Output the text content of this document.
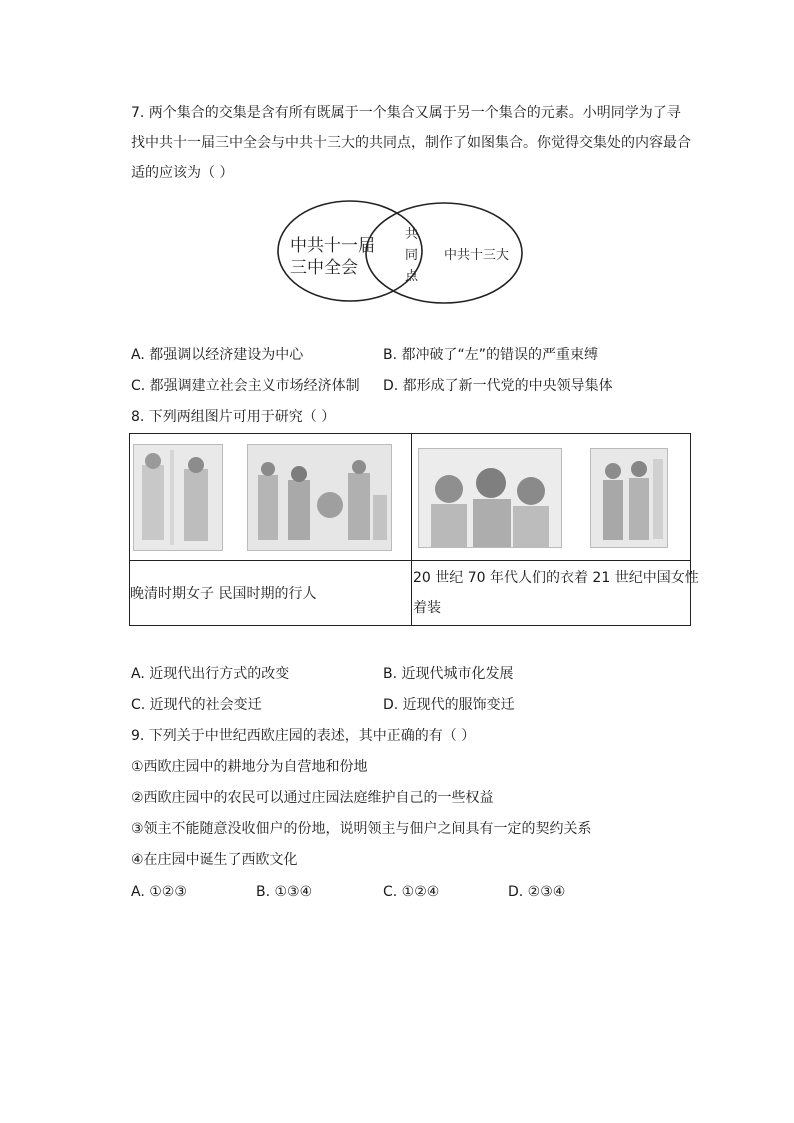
7. 两个集合的交集是含有所有既属于一个集合又属于另一个集合的元素。小明同学为了寻
找中共十一届三中全会与中共十三大的共同点，制作了如图集合。你觉得交集处的内容最合
适的应该为（ ）
中共十一届
三中全会
共
同
点
中共十三大
A. 都强调以经济建设为中心	B. 都冲破了“左”的错误的严重束缚
C. 都强调建立社会主义市场经济体制 D. 都形成了新一代党的中央领导集体
8. 下列两组图片可用于研究（ ）
晚清时期女子 民国时期的行人
20 世纪 70 年代人们的衣着 21 世纪中国女性
着装
A. 近现代出行方式的改变	B. 近现代城市化发展
C. 近现代的社会变迁	D. 近现代的服饰变迁
9. 下列关于中世纪西欧庄园的表述，其中正确的有（ ）
①西欧庄园中的耕地分为自营地和份地
②西欧庄园中的农民可以通过庄园法庭维护自己的一些权益
③领主不能随意没收佃户的份地，说明领主与佃户之间具有一定的契约关系
④在庄园中诞生了西欧文化
A. ①②③	B. ①③④	C. ①②④	D. ②③④
